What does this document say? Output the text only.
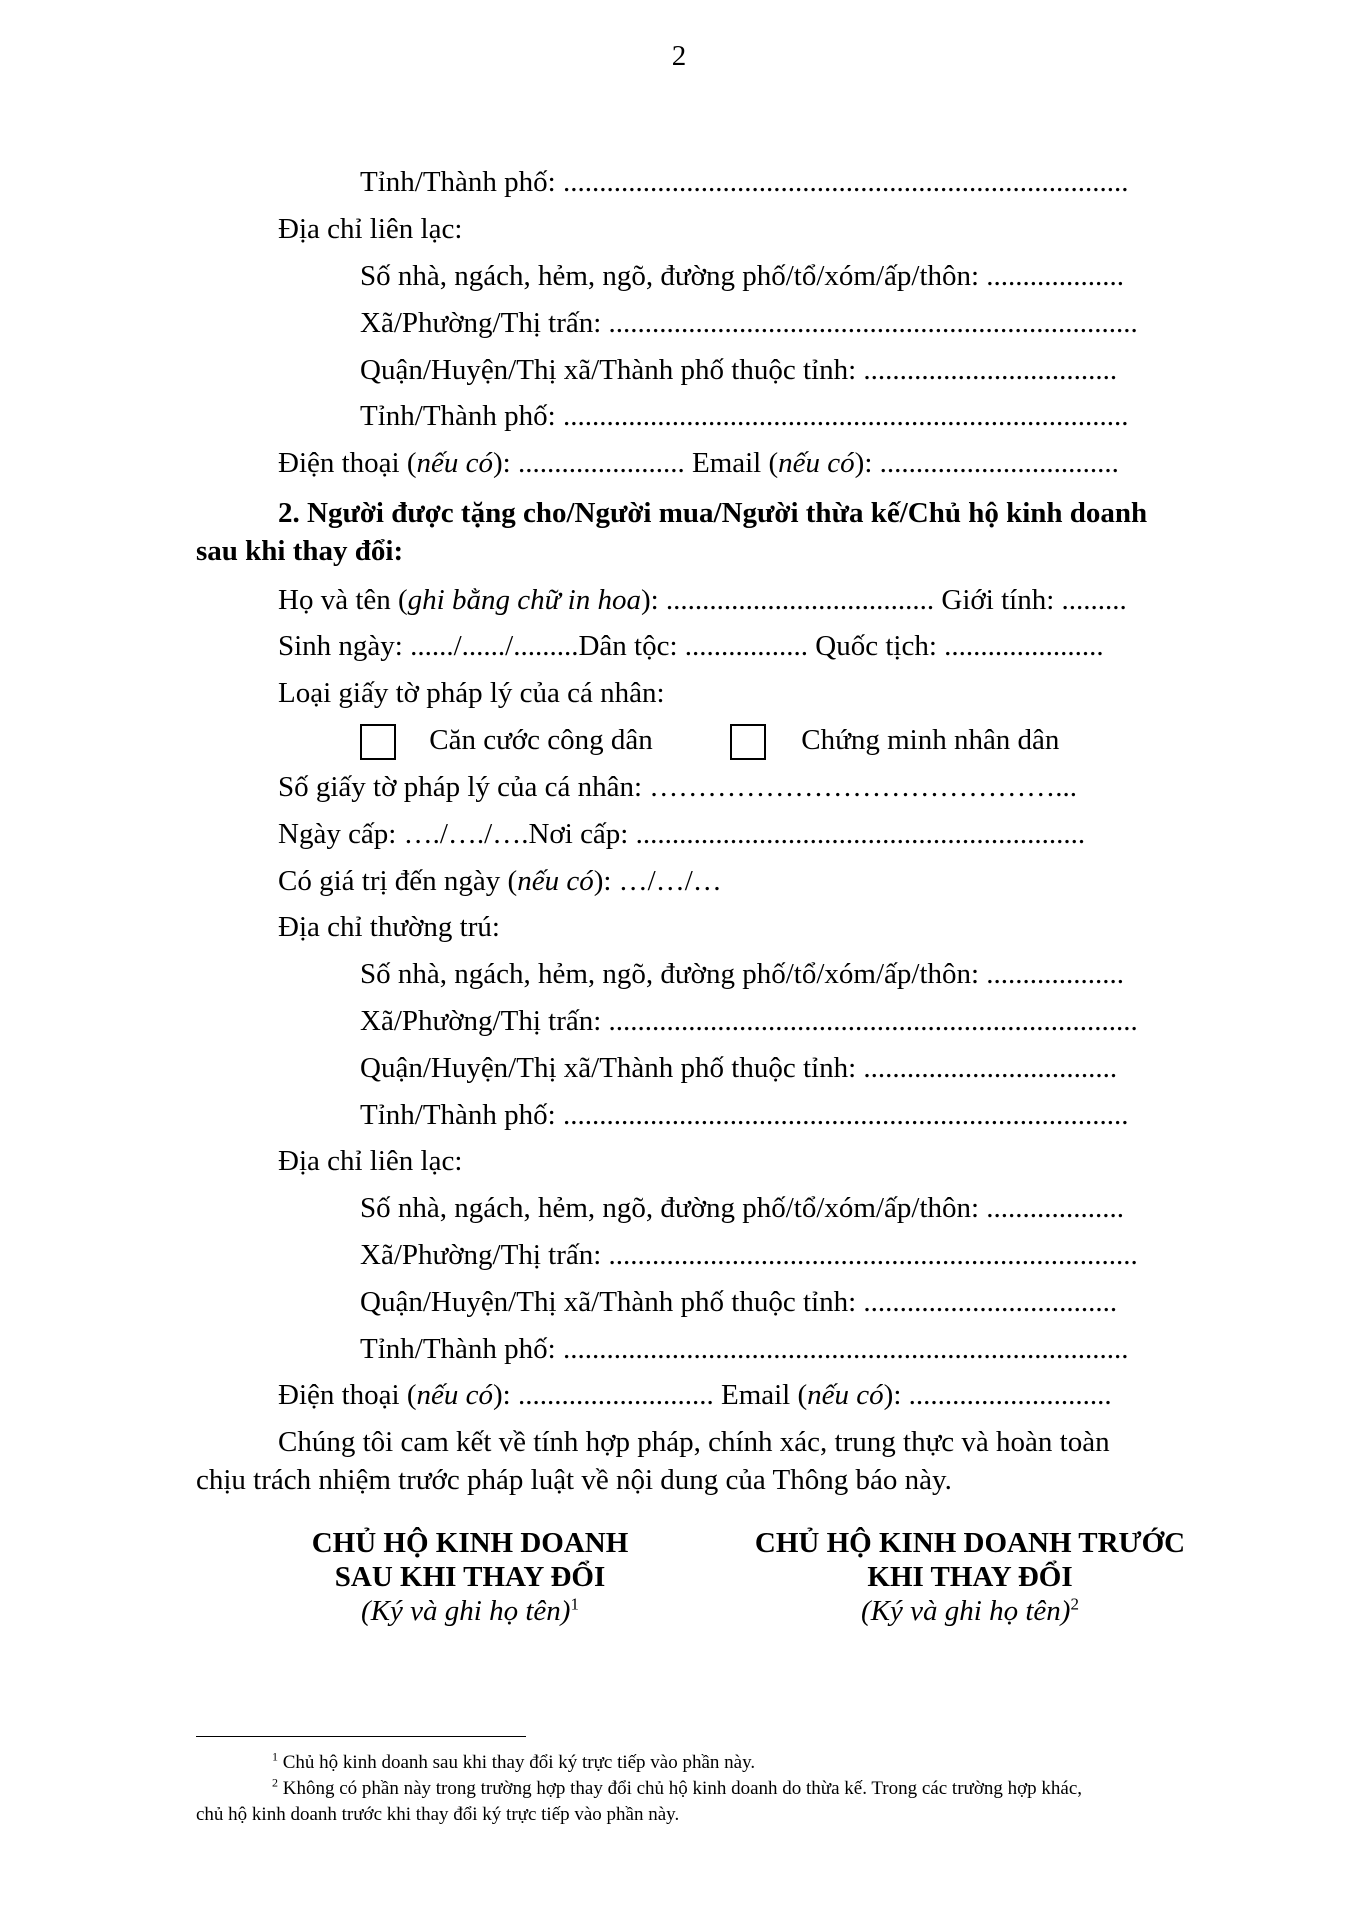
2
Tỉnh/Thành phố: ..............................................................................
Địa chỉ liên lạc:
Số nhà, ngách, hẻm, ngõ, đường phố/tổ/xóm/ấp/thôn: ...................
Xã/Phường/Thị trấn: .........................................................................
Quận/Huyện/Thị xã/Thành phố thuộc tỉnh: ...................................
Tỉnh/Thành phố: ..............................................................................
Điện thoại (nếu có): ....................... Email (nếu có): .................................
2. Người được tặng cho/Người mua/Người thừa kế/Chủ hộ kinh doanh
sau khi thay đổi:
Họ và tên (ghi bằng chữ in hoa): ..................................... Giới tính: .........
Sinh ngày: ....../....../.........Dân tộc: ................. Quốc tịch: ......................
Loại giấy tờ pháp lý của cá nhân:
Căn cước công dân	Chứng minh nhân dân
Số giấy tờ pháp lý của cá nhân: ……………………………………...
Ngày cấp: …./…./….Nơi cấp: ..............................................................
Có giá trị đến ngày (nếu có): …/…/…
Địa chỉ thường trú:
Số nhà, ngách, hẻm, ngõ, đường phố/tổ/xóm/ấp/thôn: ...................
Xã/Phường/Thị trấn: .........................................................................
Quận/Huyện/Thị xã/Thành phố thuộc tỉnh: ...................................
Tỉnh/Thành phố: ..............................................................................
Địa chỉ liên lạc:
Số nhà, ngách, hẻm, ngõ, đường phố/tổ/xóm/ấp/thôn: ...................
Xã/Phường/Thị trấn: .........................................................................
Quận/Huyện/Thị xã/Thành phố thuộc tỉnh: ...................................
Tỉnh/Thành phố: ..............................................................................
Điện thoại (nếu có): ........................... Email (nếu có): ............................
Chúng tôi cam kết về tính hợp pháp, chính xác, trung thực và hoàn toàn
chịu trách nhiệm trước pháp luật về nội dung của Thông báo này.
CHỦ HỘ KINH DOANH
SAU KHI THAY ĐỔI
(Ký và ghi họ tên)$^1$
CHỦ HỘ KINH DOANH TRƯỚC
KHI THAY ĐỔI
(Ký và ghi họ tên)$^2$
$^1$ Chủ hộ kinh doanh sau khi thay đổi ký trực tiếp vào phần này.
$^2$ Không có phần này trong trường hợp thay đổi chủ hộ kinh doanh do thừa kế. Trong các trường hợp khác,
chủ hộ kinh doanh trước khi thay đổi ký trực tiếp vào phần này.
